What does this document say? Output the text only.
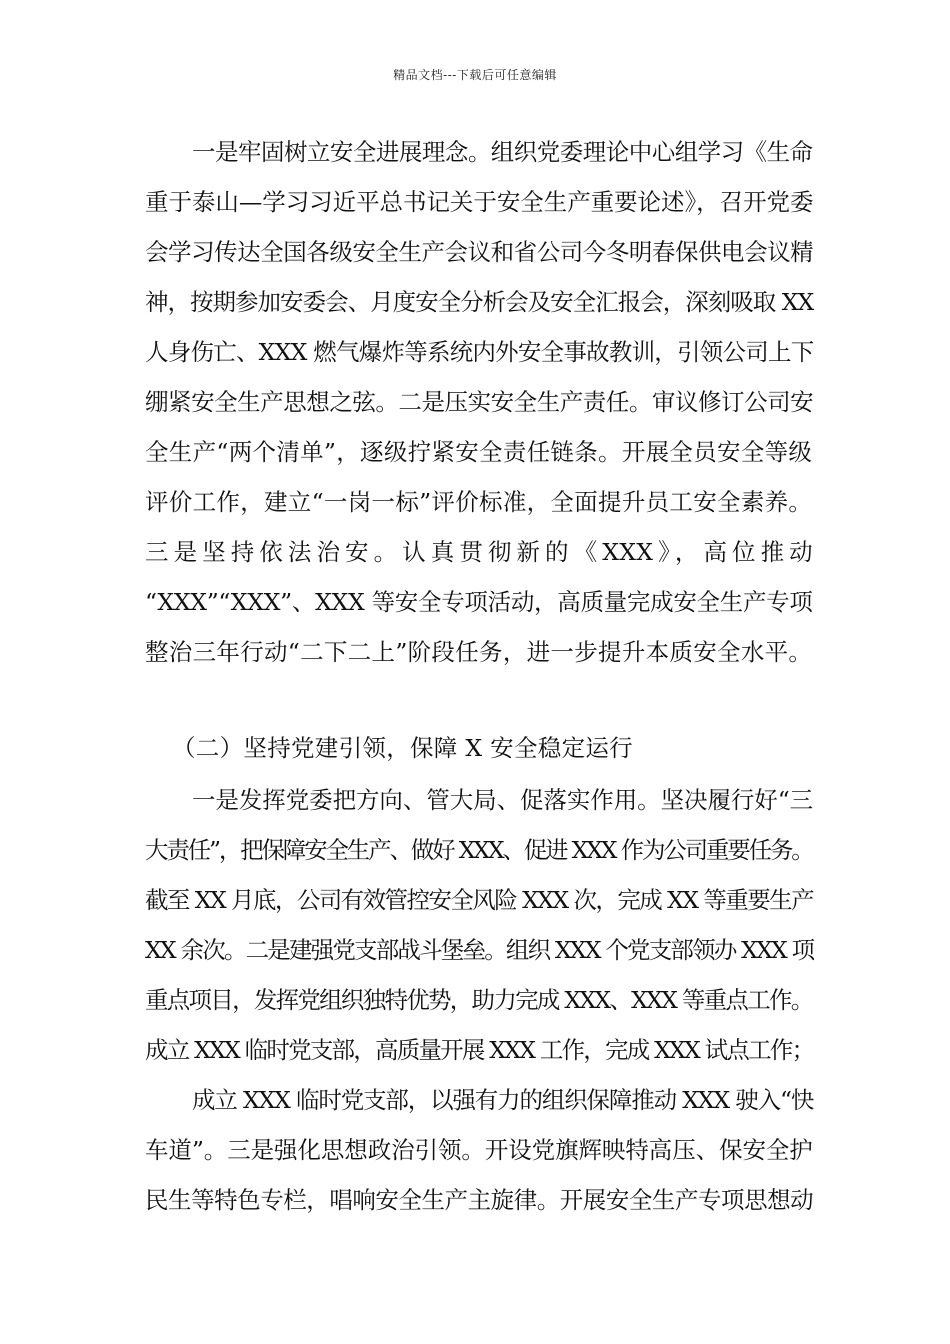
精品文档---下载后可任意编辑
一是牢固树立安全进展理念。组织党委理论中心组学习《生命
重于泰山—学习习近平总书记关于安全生产重要论述》，召开党委
会学习传达全国各级安全生产会议和省公司今冬明春保供电会议精
神，按期参加安委会、月度安全分析会及安全汇报会，深刻吸取 XX
人身伤亡、XXX 燃气爆炸等系统内外安全事故教训，引领公司上下
绷紧安全生产思想之弦。二是压实安全生产责任。审议修订公司安
全生产“两个清单”，逐级拧紧安全责任链条。开展全员安全等级
评价工作，建立“一岗一标”评价标准，全面提升员工安全素养。
三是坚持依法治安。认真贯彻新的《XXX》，高位推动
“XXX”“XXX”、XXX 等安全专项活动，高质量完成安全生产专项
整治三年行动“二下二上”阶段任务，进一步提升本质安全水平。
（二）坚持党建引领，保障 X 安全稳定运行
一是发挥党委把方向、管大局、促落实作用。坚决履行好“三
大责任”，把保障安全生产、做好 XXX、促进 XXX 作为公司重要任务。
截至 XX 月底，公司有效管控安全风险 XXX 次，完成 XX 等重要生产
XX 余次。二是建强党支部战斗堡垒。组织 XXX 个党支部领办 XXX 项
重点项目，发挥党组织独特优势，助力完成 XXX、XXX 等重点工作。
成立 XXX 临时党支部，高质量开展 XXX 工作，完成 XXX 试点工作；
成立 XXX 临时党支部，以强有力的组织保障推动 XXX 驶入“快
车道”。三是强化思想政治引领。开设党旗辉映特高压、保安全护
民生等特色专栏，唱响安全生产主旋律。开展安全生产专项思想动
